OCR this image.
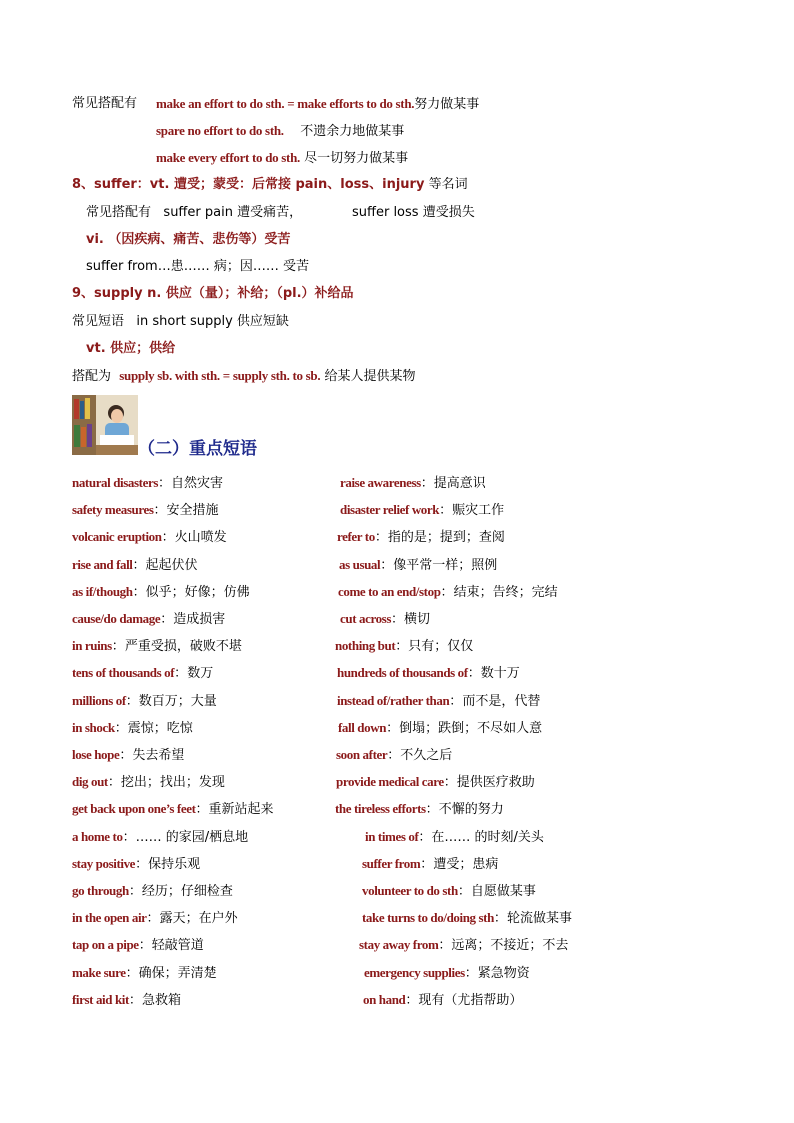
常见搭配有 make an effort to do sth. = make efforts to do sth.努力做某事
spare no effort to do sth. 不遗余力地做某事
make every effort to do sth. 尽一切努力做某事
8、suffer：vt. 遭受；蒙受：后常接 pain、loss、injury 等名词
常见搭配有 suffer pain 遭受痛苦，	suffer loss 遭受损失
vi. （因疾病、痛苦、悲伤等）受苦
suffer from…患…… 病；因…… 受苦
9、supply n. 供应（量）；补给；（pl.）补给品
常见短语 in short supply 供应短缺
vt. 供应；供给
搭配为 supply sb. with sth. = supply sth. to sb. 给某人提供某物
（二）重点短语
natural disasters：自然灾害
safety measures：安全措施
volcanic eruption：火山喷发
rise and fall：起起伏伏
as if/though：似乎；好像；仿佛
cause/do damage：造成损害
in ruins：严重受损，破败不堪
tens of thousands of：数万
millions of：数百万；大量
in shock：震惊；吃惊
lose hope：失去希望
dig out：挖出；找出；发现
get back upon one’s feet：重新站起来
a home to：…… 的家园/栖息地
stay positive：保持乐观
go through：经历；仔细检查
in the open air：露天；在户外
tap on a pipe：轻敲管道
make sure：确保；弄清楚
first aid kit：急救箱
raise awareness：提高意识
disaster relief work：赈灾工作
refer to：指的是；提到；查阅
as usual：像平常一样；照例
come to an end/stop：结束；告终；完结
cut across：横切
nothing but：只有；仅仅
hundreds of thousands of：数十万
instead of/rather than：而不是，代替
fall down：倒塌；跌倒；不尽如人意
soon after：不久之后
provide medical care：提供医疗救助
the tireless efforts：不懈的努力
in times of：在…… 的时刻/关头
suffer from：遭受；患病
volunteer to do sth：自愿做某事
take turns to do/doing sth：轮流做某事
stay away from：远离；不接近；不去
emergency supplies：紧急物资
on hand：现有（尤指帮助）
